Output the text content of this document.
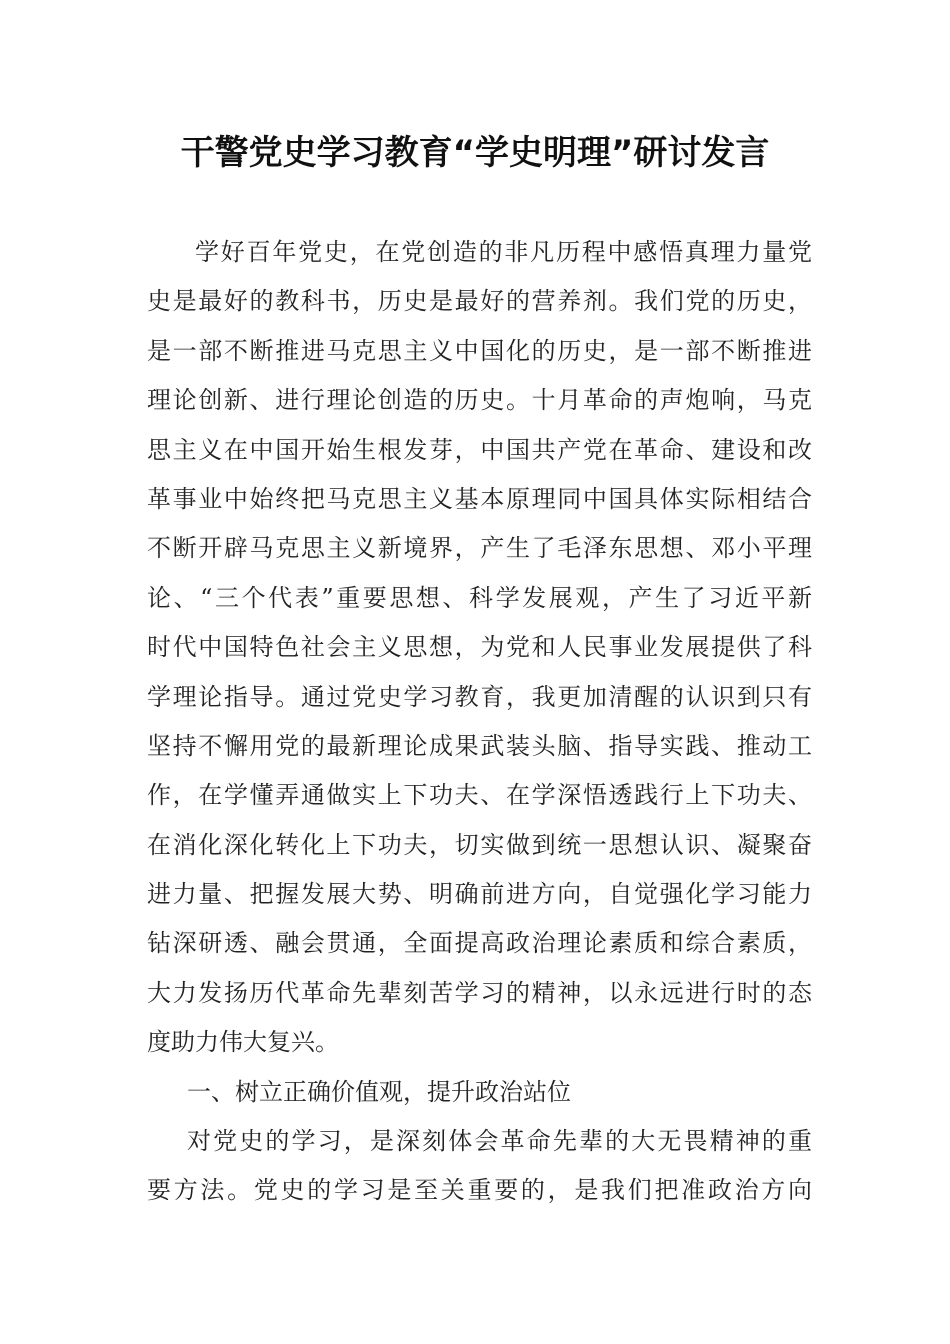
干警党史学习教育“学史明理”研讨发言
学好百年党史，在党创造的非凡历程中感悟真理力量党
史是最好的教科书，历史是最好的营养剂。我们党的历史，
是一部不断推进马克思主义中国化的历史，是一部不断推进
理论创新、进行理论创造的历史。十月革命的声炮响，马克
思主义在中国开始生根发芽，中国共产党在革命、建设和改
革事业中始终把马克思主义基本原理同中国具体实际相结合
不断开辟马克思主义新境界，产生了毛泽东思想、邓小平理
论、“三个代表”重要思想、科学发展观，产生了习近平新
时代中国特色社会主义思想，为党和人民事业发展提供了科
学理论指导。通过党史学习教育，我更加清醒的认识到只有
坚持不懈用党的最新理论成果武装头脑、指导实践、推动工
作，在学懂弄通做实上下功夫、在学深悟透践行上下功夫、
在消化深化转化上下功夫，切实做到统一思想认识、凝聚奋
进力量、把握发展大势、明确前进方向，自觉强化学习能力
钻深研透、融会贯通，全面提高政治理论素质和综合素质，
大力发扬历代革命先辈刻苦学习的精神，以永远进行时的态
度助力伟大复兴。
一、树立正确价值观，提升政治站位
对党史的学习，是深刻体会革命先辈的大无畏精神的重
要方法。党史的学习是至关重要的，是我们把准政治方向
